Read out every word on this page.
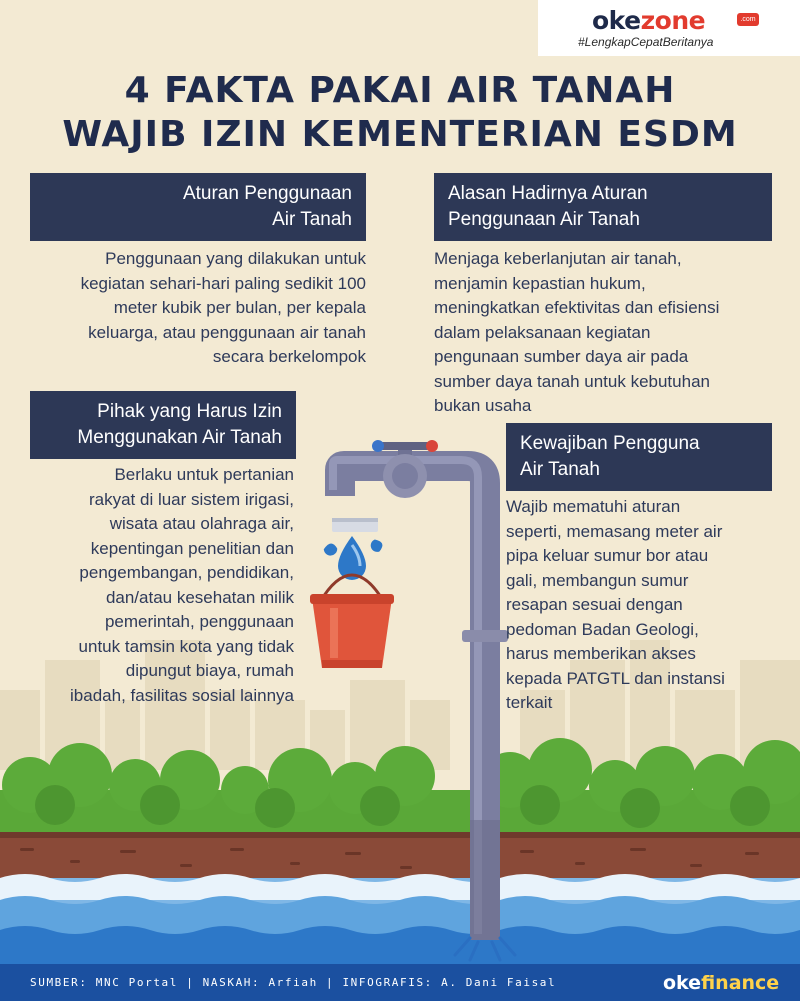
okezone	.com
#LengkapCepatBeritanya
4 FAKTA PAKAI AIR TANAH
WAJIB IZIN KEMENTERIAN ESDM
Aturan Penggunaan
Air Tanah
Penggunaan yang dilakukan untuk
kegiatan sehari-hari paling sedikit 100
meter kubik per bulan, per kepala
keluarga, atau penggunaan air tanah
secara berkelompok
Alasan Hadirnya Aturan
Penggunaan Air Tanah
Menjaga keberlanjutan air tanah,
menjamin kepastian hukum,
meningkatkan efektivitas dan efisiensi
dalam pelaksanaan kegiatan
pengunaan sumber daya air pada
sumber daya tanah untuk kebutuhan
bukan usaha
Pihak yang Harus Izin
Menggunakan Air Tanah
Berlaku untuk pertanian
rakyat di luar sistem irigasi,
wisata atau olahraga air,
kepentingan penelitian dan
pengembangan, pendidikan,
dan/atau kesehatan milik
pemerintah, penggunaan
untuk tamsin kota yang tidak
dipungut biaya, rumah
ibadah, fasilitas sosial lainnya
Kewajiban Pengguna
Air Tanah
Wajib mematuhi aturan
seperti, memasang meter air
pipa keluar sumur bor atau
gali, membangun sumur
resapan sesuai dengan
pedoman Badan Geologi,
harus memberikan akses
kepada PATGTL dan instansi
terkait
SUMBER: MNC Portal | NASKAH: Arfiah | INFOGRAFIS: A. Dani Faisal	okefinance
